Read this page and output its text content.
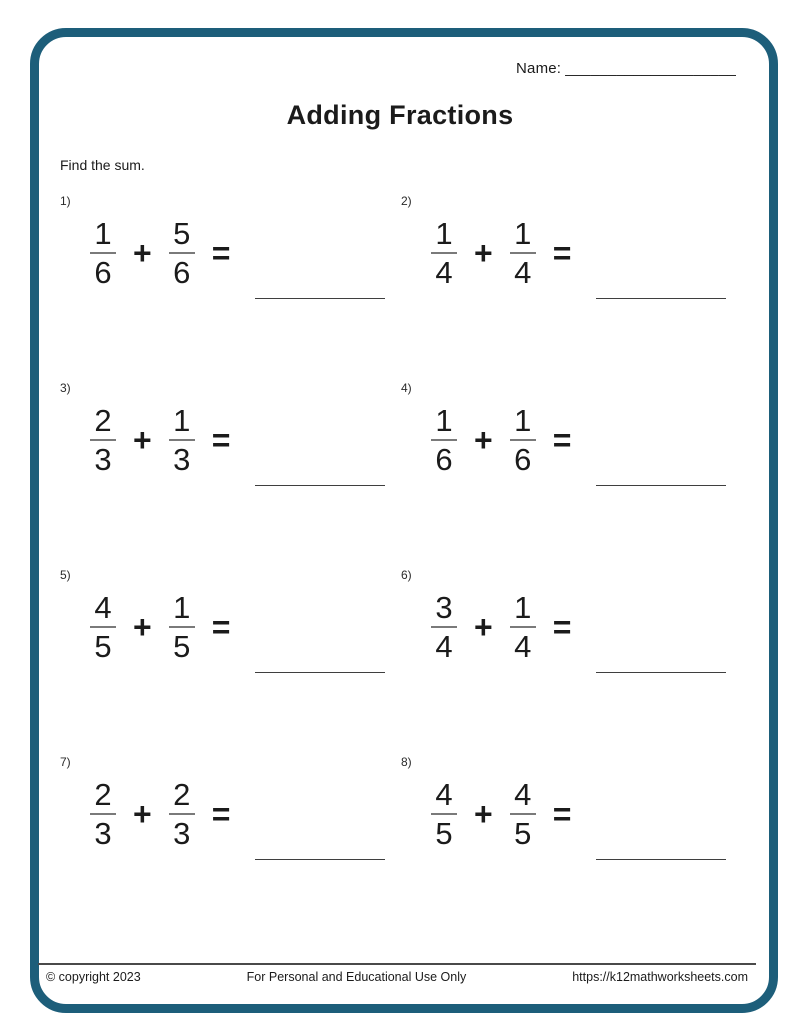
Name: ____________________
Adding Fractions
Find the sum.
1)
$\frac{1}{6} + \frac{5}{6}$ =
2)
$\frac{1}{4} + \frac{1}{4}$ =
3)
$\frac{2}{3} + \frac{1}{3}$ =
4)
$\frac{1}{6} + \frac{1}{6}$ =
5)
$\frac{4}{5} + \frac{1}{5}$ =
6)
$\frac{3}{4} + \frac{1}{4}$ =
7)
$\frac{2}{3} + \frac{2}{3}$ =
8)
$\frac{4}{5} + \frac{4}{5}$ =
© copyright 2023	For Personal and Educational Use Only	https://k12mathworksheets.com
